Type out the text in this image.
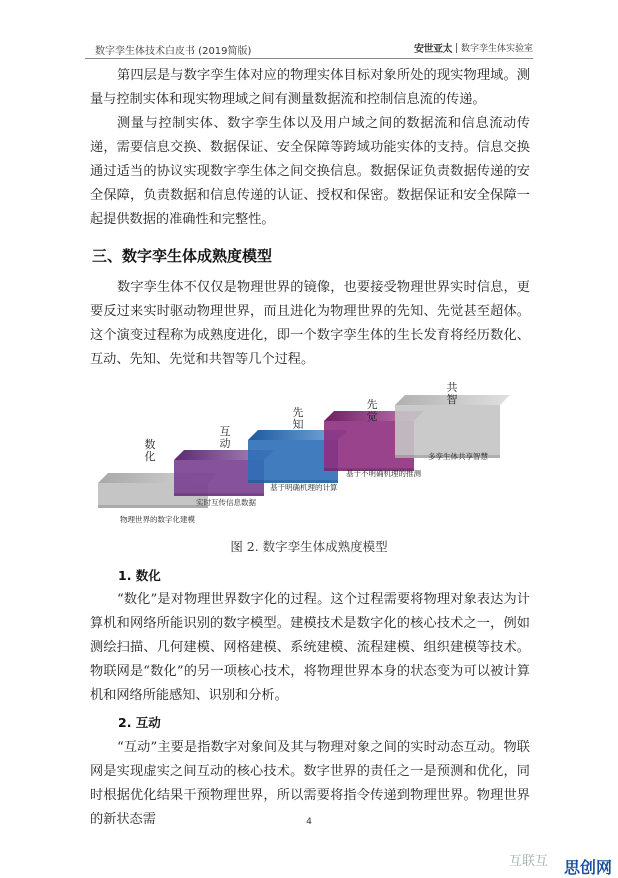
数字孪生体技术白皮书 (2019简版)	安世亚太 数字孪生体实验室

第四层是与数字孪生体对应的物理实体目标对象所处的现实物理域。测量与控制实体和现实物理域之间有测量数据流和控制信息流的传递。

测量与控制实体、数字孪生体以及用户域之间的数据流和信息流动传递，需要信息交换、数据保证、安全保障等跨域功能实体的支持。信息交换通过适当的协议实现数字孪生体之间交换信息。数据保证负责数据传递的安全保障，负责数据和信息传递的认证、授权和保密。数据保证和安全保障一起提供数据的准确性和完整性。

三、数字孪生体成熟度模型

数字孪生体不仅仅是物理世界的镜像，也要接受物理世界实时信息，更要反过来实时驱动物理世界，而且进化为物理世界的先知、先觉甚至超体。这个演变过程称为成熟度进化，即一个数字孪生体的生长发育将经历数化、互动、先知、先觉和共智等几个过程。

数
化
物理世界的数字化建模
互
动
实时互传信息数据
先
知
基于明确机理的计算
先
觉
基于不明确机理的推测
共
智
多孪生体共享智慧
图 2. 数字孪生体成熟度模型
1. 数化

“数化”是对物理世界数字化的过程。这个过程需要将物理对象表达为计算机和网络所能识别的数字模型。建模技术是数字化的核心技术之一，例如测绘扫描、几何建模、网格建模、系统建模、流程建模、组织建模等技术。物联网是“数化”的另一项核心技术，将物理世界本身的状态变为可以被计算机和网络所能感知、识别和分析。

2. 互动

“互动”主要是指数字对象间及其与物理对象之间的实时动态互动。物联网是实现虚实之间互动的核心技术。数字世界的责任之一是预测和优化，同时根据优化结果干预物理世界，所以需要将指令传递到物理世界。物理世界的新状态需	4
互联互 思创网
